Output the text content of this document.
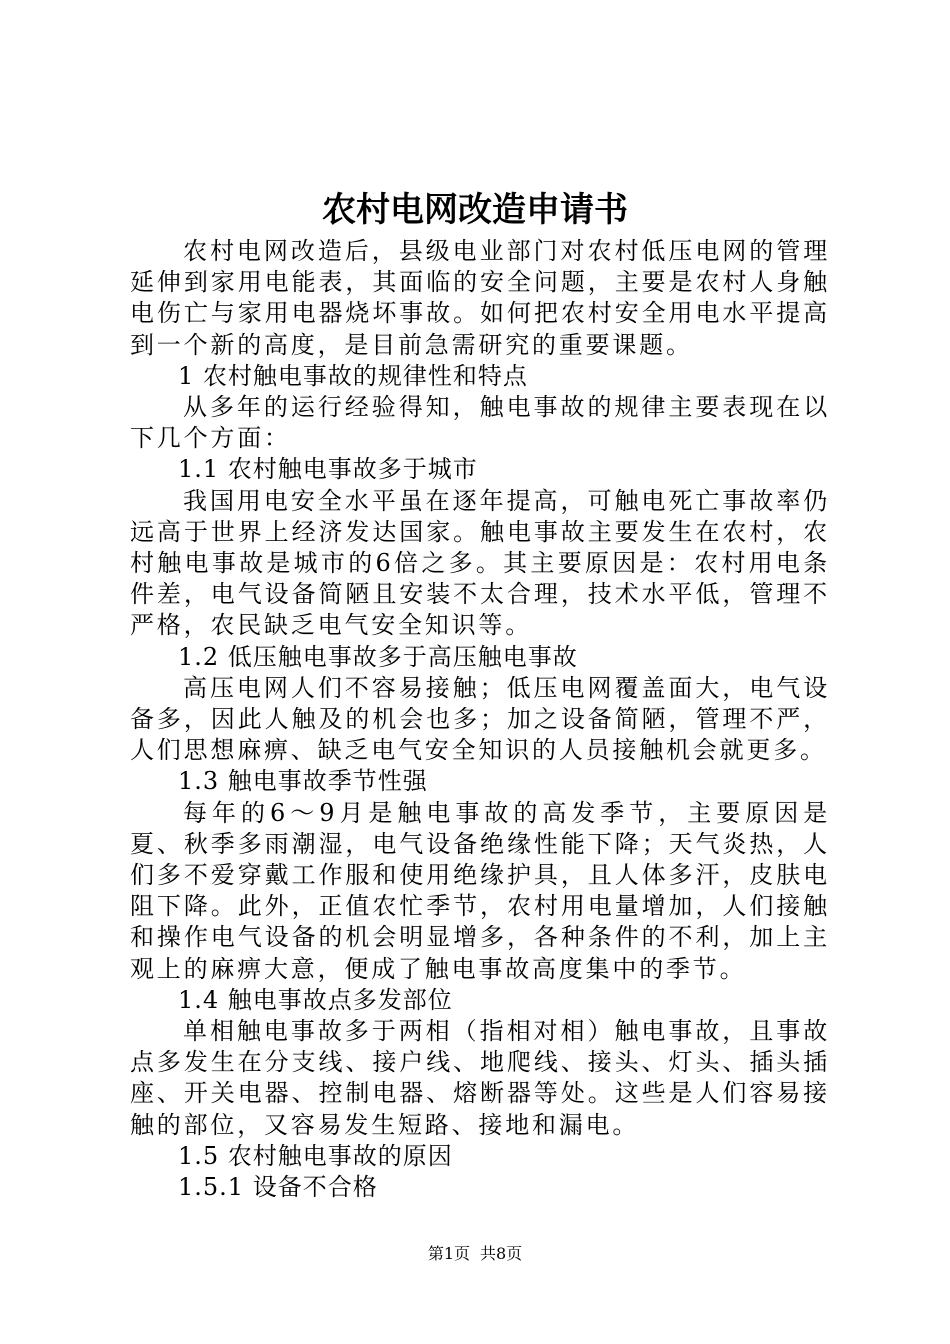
农村电网改造申请书

农村电网改造后，县级电业部门对农村低压电网的管理延伸到家用电能表，其面临的安全问题，主要是农村人身触电伤亡与家用电器烧坏事故。如何把农村安全用电水平提高到一个新的高度，是目前急需研究的重要课题。

1 农村触电事故的规律性和特点

从多年的运行经验得知，触电事故的规律主要表现在以下几个方面：

1.1 农村触电事故多于城市

我国用电安全水平虽在逐年提高，可触电死亡事故率仍远高于世界上经济发达国家。触电事故主要发生在农村，农村触电事故是城市的6倍之多。其主要原因是：农村用电条件差，电气设备简陋且安装不太合理，技术水平低，管理不严格，农民缺乏电气安全知识等。

1.2 低压触电事故多于高压触电事故

高压电网人们不容易接触；低压电网覆盖面大，电气设备多，因此人触及的机会也多；加之设备简陋，管理不严，人们思想麻痹、缺乏电气安全知识的人员接触机会就更多。

1.3 触电事故季节性强

每年的6～9月是触电事故的高发季节，主要原因是夏、秋季多雨潮湿，电气设备绝缘性能下降；天气炎热，人们多不爱穿戴工作服和使用绝缘护具，且人体多汗，皮肤电阻下降。此外，正值农忙季节，农村用电量增加，人们接触和操作电气设备的机会明显增多，各种条件的不利，加上主观上的麻痹大意，便成了触电事故高度集中的季节。

1.4 触电事故点多发部位

单相触电事故多于两相（指相对相）触电事故，且事故点多发生在分支线、接户线、地爬线、接头、灯头、插头插座、开关电器、控制电器、熔断器等处。这些是人们容易接触的部位，又容易发生短路、接地和漏电。

1.5 农村触电事故的原因

1.5.1 设备不合格

第1页 共8页
